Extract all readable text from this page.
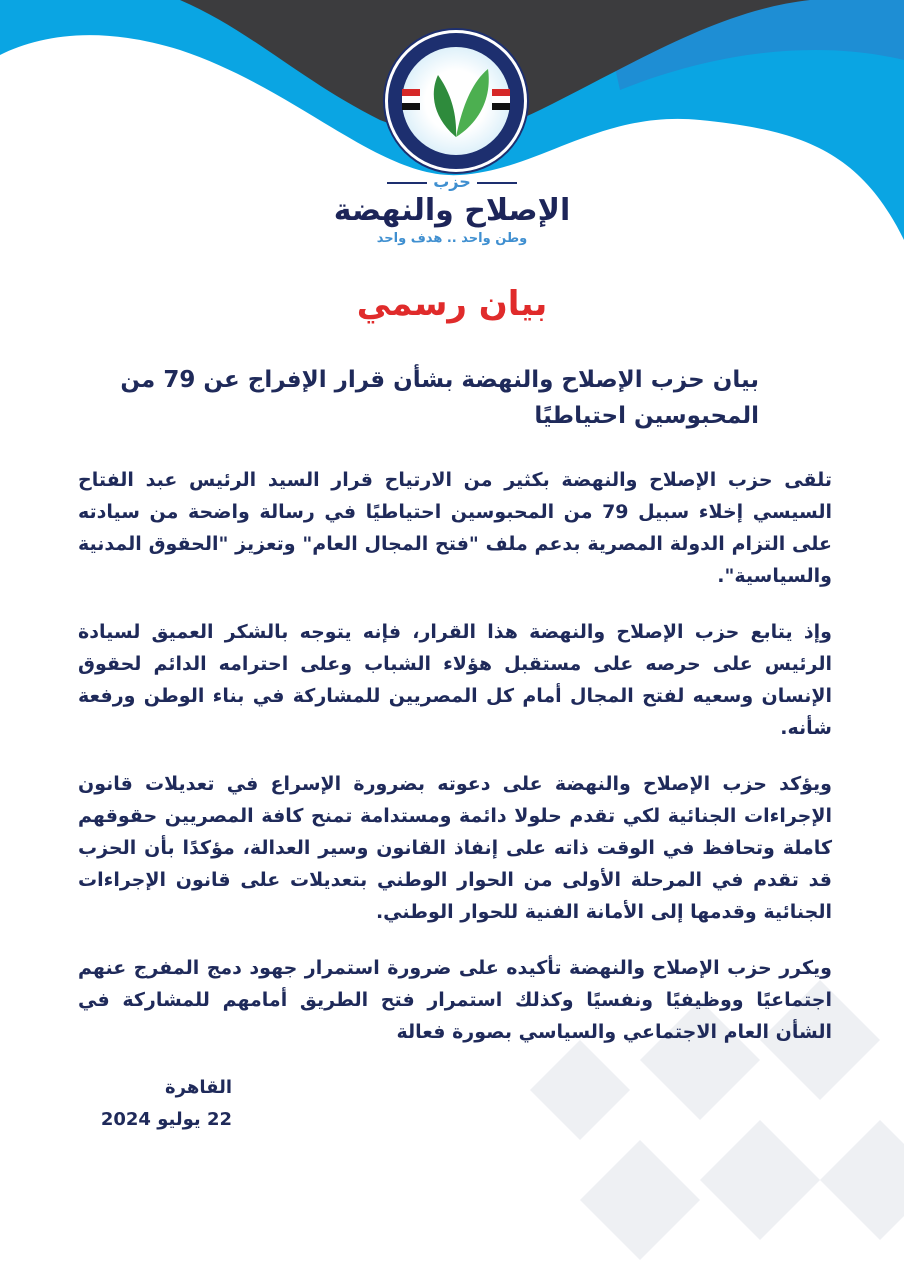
حزب
الإصلاح والنهضة
وطن واحد .. هدف واحد
بيان رسمي
بيان حزب الإصلاح والنهضة بشأن قرار الإفراج عن 79 من المحبوسين احتياطيًا

تلقى حزب الإصلاح والنهضة بكثير من الارتياح قرار السيد الرئيس عبد الفتاح السيسي إخلاء سبيل 79 من المحبوسين احتياطيًا في رسالة واضحة من سيادته على التزام الدولة المصرية بدعم ملف "فتح المجال العام" وتعزيز "الحقوق المدنية والسياسية".

وإذ يتابع حزب الإصلاح والنهضة هذا القرار، فإنه يتوجه بالشكر العميق لسيادة الرئيس على حرصه على مستقبل هؤلاء الشباب وعلى احترامه الدائم لحقوق الإنسان وسعيه لفتح المجال أمام كل المصريين للمشاركة في بناء الوطن ورفعة شأنه.

ويؤكد حزب الإصلاح والنهضة على دعوته بضرورة الإسراع في تعديلات قانون الإجراءات الجنائية لكي تقدم حلولا دائمة ومستدامة تمنح كافة المصريين حقوقهم كاملة وتحافظ في الوقت ذاته على إنفاذ القانون وسير العدالة، مؤكدًا بأن الحزب قد تقدم في المرحلة الأولى من الحوار الوطني بتعديلات على قانون الإجراءات الجنائية وقدمها إلى الأمانة الفنية للحوار الوطني.

ويكرر حزب الإصلاح والنهضة تأكيده على ضرورة استمرار جهود دمج المفرج عنهم اجتماعيًا ووظيفيًا ونفسيًا وكذلك استمرار فتح الطريق أمامهم للمشاركة في الشأن العام الاجتماعي والسياسي بصورة فعالة

القاهرة
22 يوليو 2024
